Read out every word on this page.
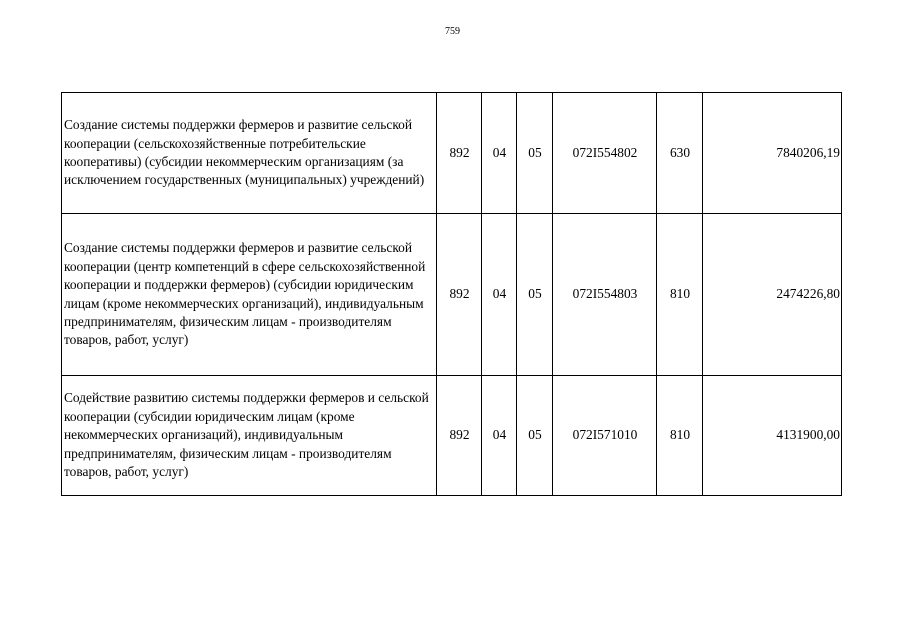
759
Создание системы поддержки фермеров и развитие сельской кооперации (сельскохозяйственные потребительские кооперативы) (субсидии некоммерческим организациям (за исключением государственных (муниципальных) учреждений)	892	04	05	072I554802	630	7840206,19
Создание системы поддержки фермеров и развитие сельской кооперации (центр компетенций в сфере сельскохозяйственной кооперации и поддержки фермеров) (субсидии юридическим лицам (кроме некоммерческих организаций), индивидуальным предпринимателям, физическим лицам - производителям товаров, работ, услуг)	892	04	05	072I554803	810	2474226,80
Содействие развитию системы поддержки фермеров и сельской кооперации (субсидии юридическим лицам (кроме некоммерческих организаций), индивидуальным предпринимателям, физическим лицам - производителям товаров, работ, услуг)	892	04	05	072I571010	810	4131900,00
